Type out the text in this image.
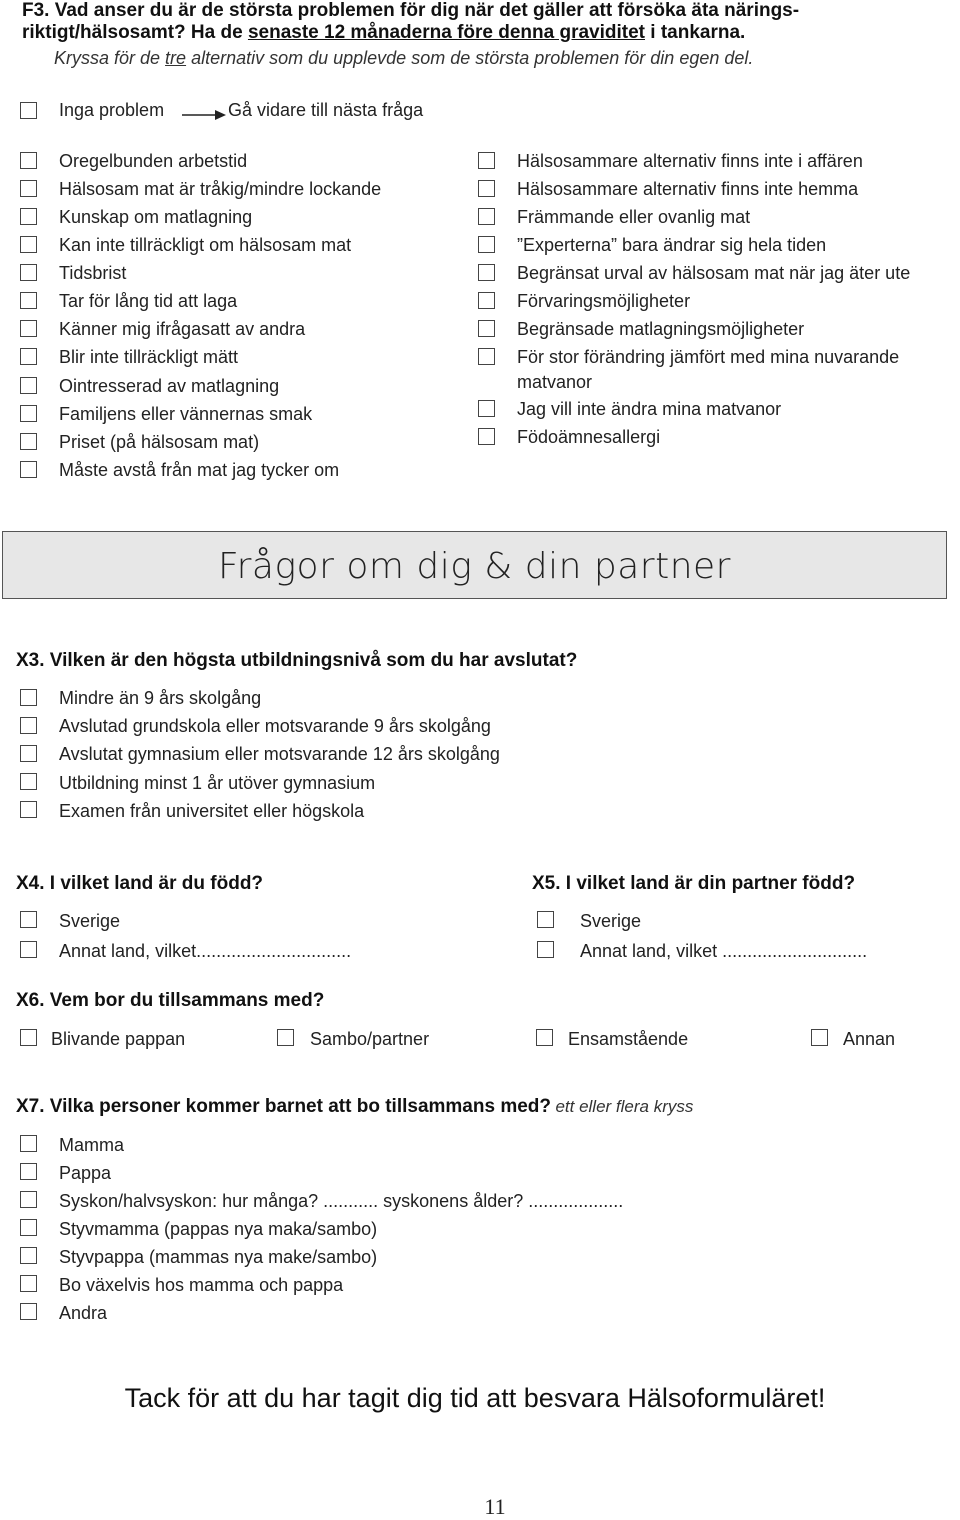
F3. Vad anser du är de största problemen för dig när det gäller att försöka äta närings-
riktigt/hälsosamt? Ha de senaste 12 månaderna före denna graviditet i tankarna.
Kryssa för de tre alternativ som du upplevde som de största problemen för din egen del.
Inga problem	Gå vidare till nästa fråga
Oregelbunden arbetstid
Hälsosam mat är tråkig/mindre lockande
Kunskap om matlagning
Kan inte tillräckligt om hälsosam mat
Tidsbrist
Tar för lång tid att laga
Känner mig ifrågasatt av andra
Blir inte tillräckligt mätt
Ointresserad av matlagning
Familjens eller vännernas smak
Priset (på hälsosam mat)
Måste avstå från mat jag tycker om
Hälsosammare alternativ finns inte i affären
Hälsosammare alternativ finns inte hemma
Främmande eller ovanlig mat
”Experterna” bara ändrar sig hela tiden
Begränsat urval av hälsosam mat när jag äter ute
Förvaringsmöjligheter
Begränsade matlagningsmöjligheter
För stor förändring jämfört med mina nuvarande
matvanor
Jag vill inte ändra mina matvanor
Födoämnesallergi
Frågor om dig & din partner
X3. Vilken är den högsta utbildningsnivå som du har avslutat?
Mindre än 9 års skolgång
Avslutad grundskola eller motsvarande 9 års skolgång
Avslutat gymnasium eller motsvarande 12 års skolgång
Utbildning minst 1 år utöver gymnasium
Examen från universitet eller högskola
X4. I vilket land är du född?
Sverige
Annat land, vilket...............................
X5. I vilket land är din partner född?
Sverige
Annat land, vilket .............................
X6. Vem bor du tillsammans med?
Blivande pappan	Sambo/partner	Ensamstående	Annan
X7. Vilka personer kommer barnet att bo tillsammans med? ett eller flera kryss
Mamma
Pappa
Syskon/halvsyskon: hur många? ........... syskonens ålder? ...................
Styvmamma (pappas nya maka/sambo)
Styvpappa (mammas nya make/sambo)
Bo växelvis hos mamma och pappa
Andra
Tack för att du har tagit dig tid att besvara Hälsoformuläret!
11
